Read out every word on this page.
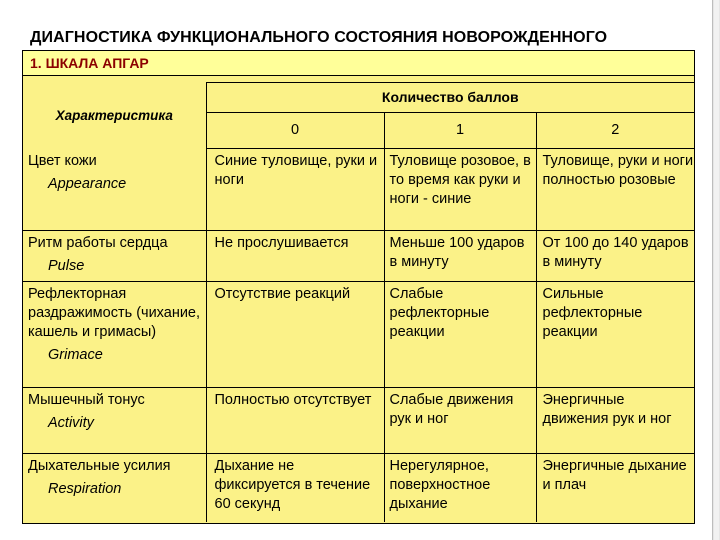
ДИАГНОСТИКА ФУНКЦИОНАЛЬНОГО СОСТОЯНИЯ НОВОРОЖДЕННОГО
1. ШКАЛА АПГАР
Характеристика	Количество баллов		
	0	1	2
Цвет кожи
Appearance	Синие туловище, руки и ноги	Туловище розовое, в то время как руки и ноги - синие	Туловище, руки и ноги полностью розовые
Ритм работы сердца
Pulse	Не прослушивается	Меньше 100 ударов в минуту	От 100 до 140 ударов в минуту
Рефлекторная раздражимость (чихание, кашель и гримасы)
Grimace	Отсутствие реакций	Слабые рефлекторные реакции	Сильные рефлекторные реакции
Мышечный тонус
Activity	Полностью отсутствует	Слабые движения рук и ног	Энергичные движения рук и ног
Дыхательные усилия
Respiration	Дыхание не фиксируется в течение 60 секунд	Нерегулярное, поверхностное дыхание	Энергичные дыхание и плач
